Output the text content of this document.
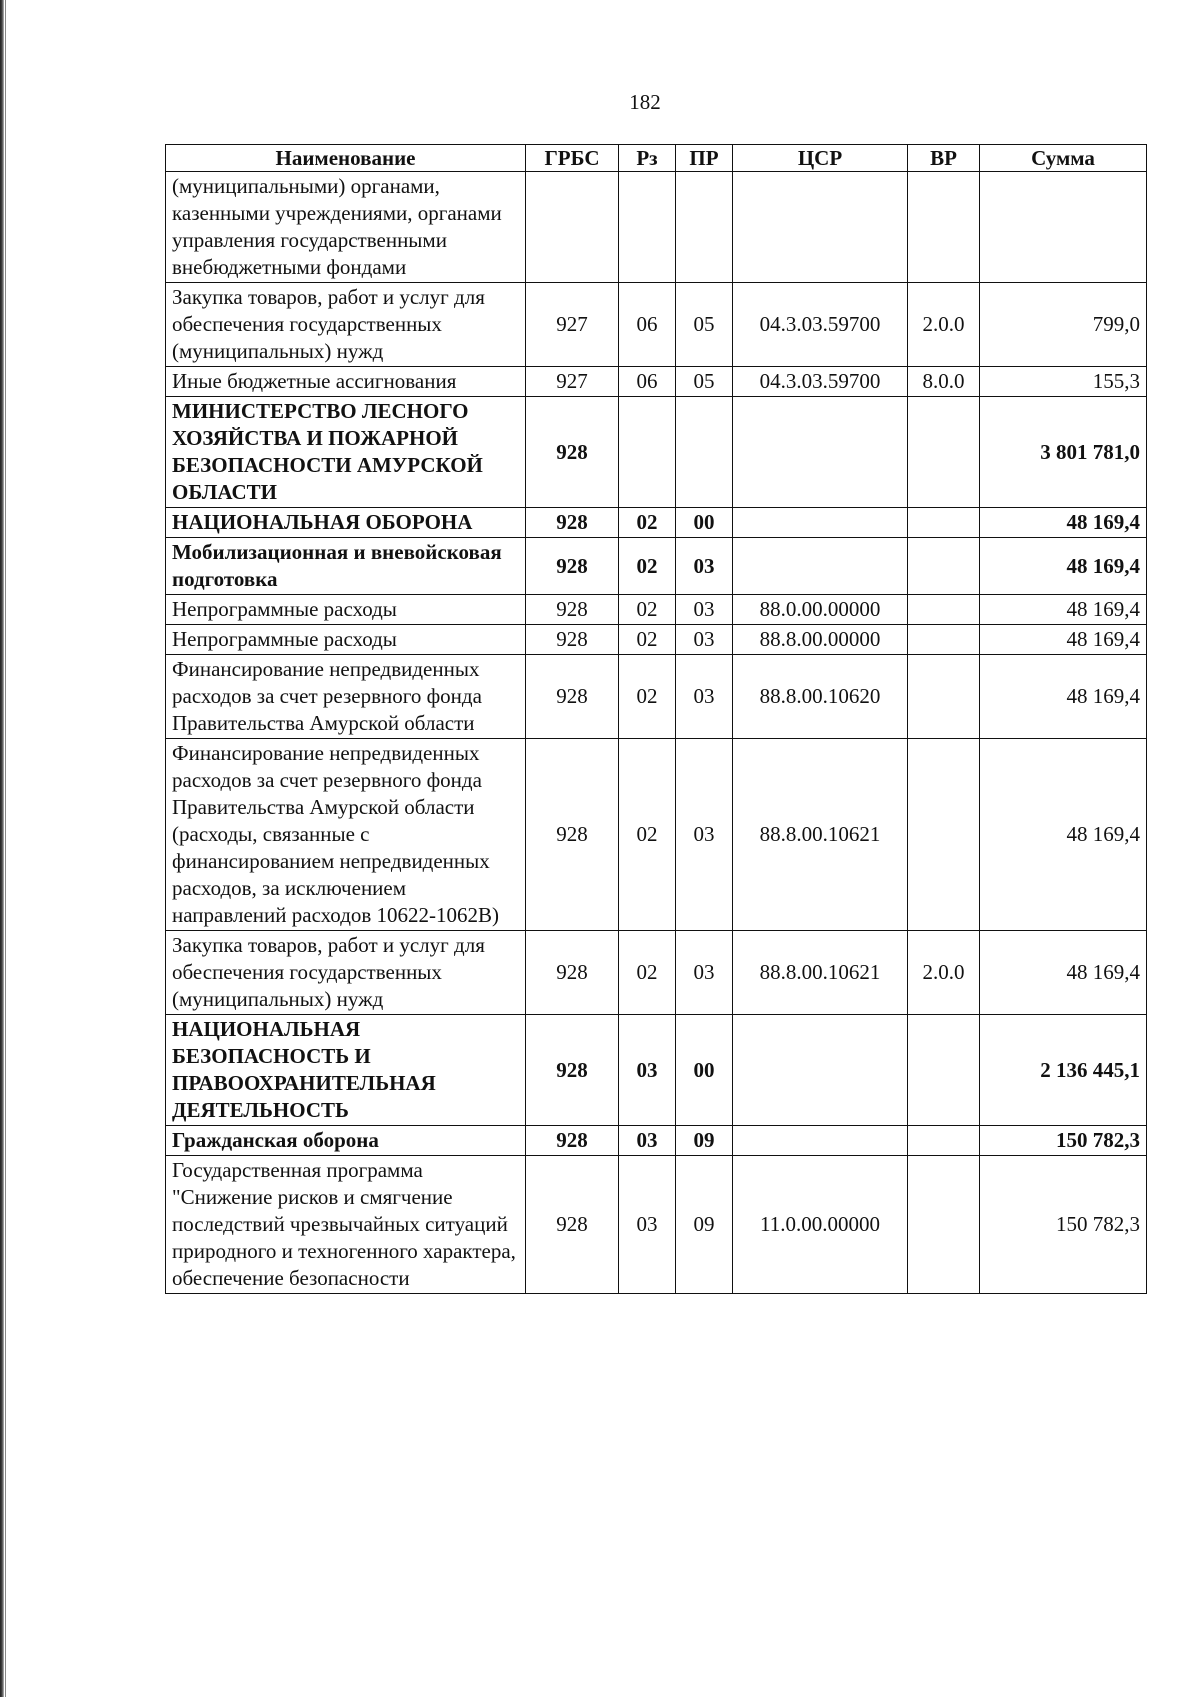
182
Наименование	ГРБС	Рз	ПР	ЦСР	ВР	Сумма
(муниципальными) органами, казенными учреждениями, органами управления государственными внебюджетными фондами						
Закупка товаров, работ и услуг для обеспечения государственных (муниципальных) нужд	927	06	05	04.3.03.59700	2.0.0	799,0
Иные бюджетные ассигнования	927	06	05	04.3.03.59700	8.0.0	155,3
МИНИСТЕРСТВО ЛЕСНОГО ХОЗЯЙСТВА И ПОЖАРНОЙ БЕЗОПАСНОСТИ АМУРСКОЙ ОБЛАСТИ	928					3 801 781,0
НАЦИОНАЛЬНАЯ ОБОРОНА	928	02	00			48 169,4
Мобилизационная и вневойсковая подготовка	928	02	03			48 169,4
Непрограммные расходы	928	02	03	88.0.00.00000		48 169,4
Непрограммные расходы	928	02	03	88.8.00.00000		48 169,4
Финансирование непредвиденных расходов за счет резервного фонда Правительства Амурской области	928	02	03	88.8.00.10620		48 169,4
Финансирование непредвиденных расходов за счет резервного фонда Правительства Амурской области (расходы, связанные с финансированием непредвиденных расходов, за исключением направлений расходов 10622-1062В)	928	02	03	88.8.00.10621		48 169,4
Закупка товаров, работ и услуг для обеспечения государственных (муниципальных) нужд	928	02	03	88.8.00.10621	2.0.0	48 169,4
НАЦИОНАЛЬНАЯ БЕЗОПАСНОСТЬ И ПРАВООХРАНИТЕЛЬНАЯ ДЕЯТЕЛЬНОСТЬ	928	03	00			2 136 445,1
Гражданская оборона	928	03	09			150 782,3
Государственная программа "Снижение рисков и смягчение последствий чрезвычайных ситуаций природного и техногенного характера, обеспечение безопасности	928	03	09	11.0.00.00000		150 782,3
